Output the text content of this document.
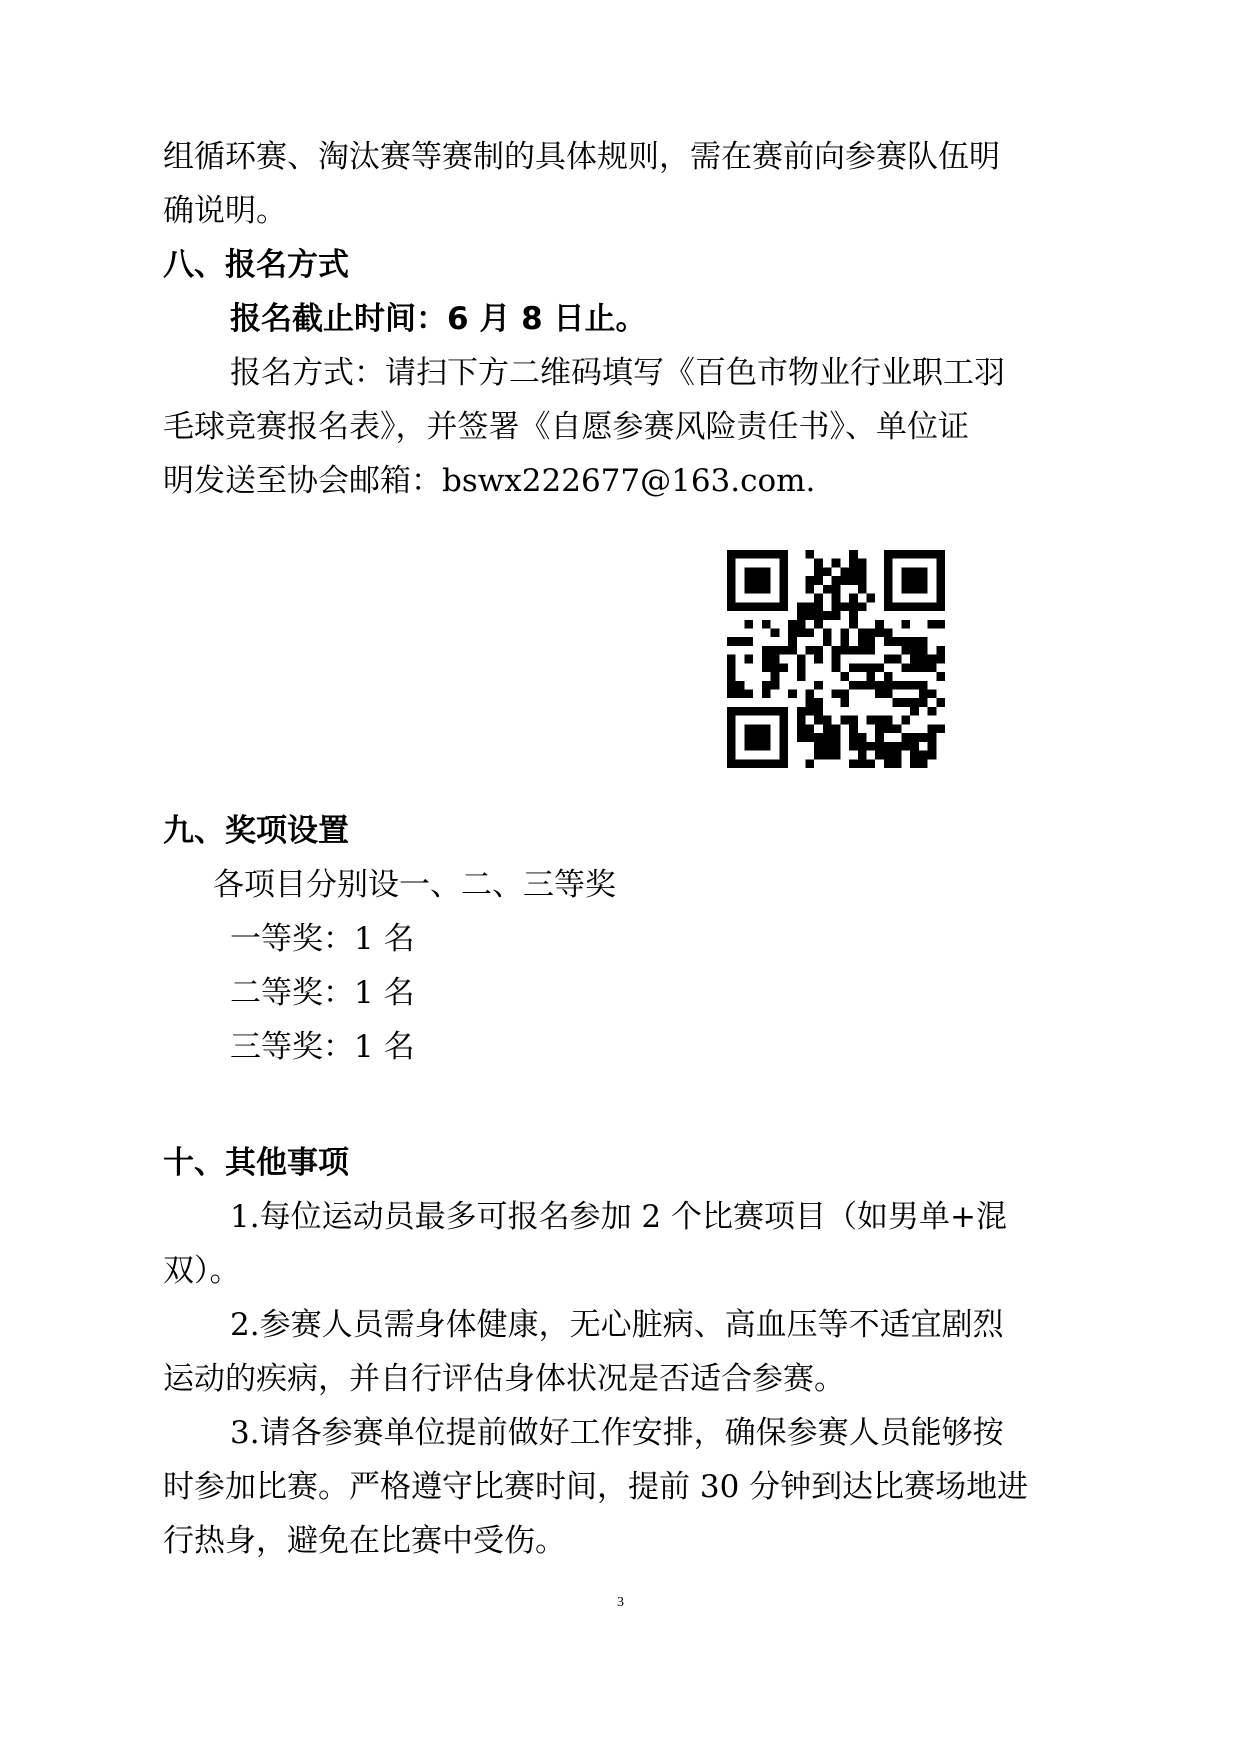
组循环赛、淘汰赛等赛制的具体规则，需在赛前向参赛队伍明
确说明。
八、报名方式
报名截止时间：6 月 8 日止。
报名方式：请扫下方二维码填写《百色市物业行业职工羽
毛球竞赛报名表》，并签署《自愿参赛风险责任书》、单位证
明发送至协会邮箱：bswx222677@163.com.
九、奖项设置
各项目分别设一、二、三等奖
一等奖：1 名
二等奖：1 名
三等奖：1 名
十、其他事项
1.每位运动员最多可报名参加 2 个比赛项目（如男单+混
双）。
2.参赛人员需身体健康，无心脏病、高血压等不适宜剧烈
运动的疾病，并自行评估身体状况是否适合参赛。
3.请各参赛单位提前做好工作安排，确保参赛人员能够按
时参加比赛。严格遵守比赛时间，提前 30 分钟到达比赛场地进
行热身，避免在比赛中受伤。
3
